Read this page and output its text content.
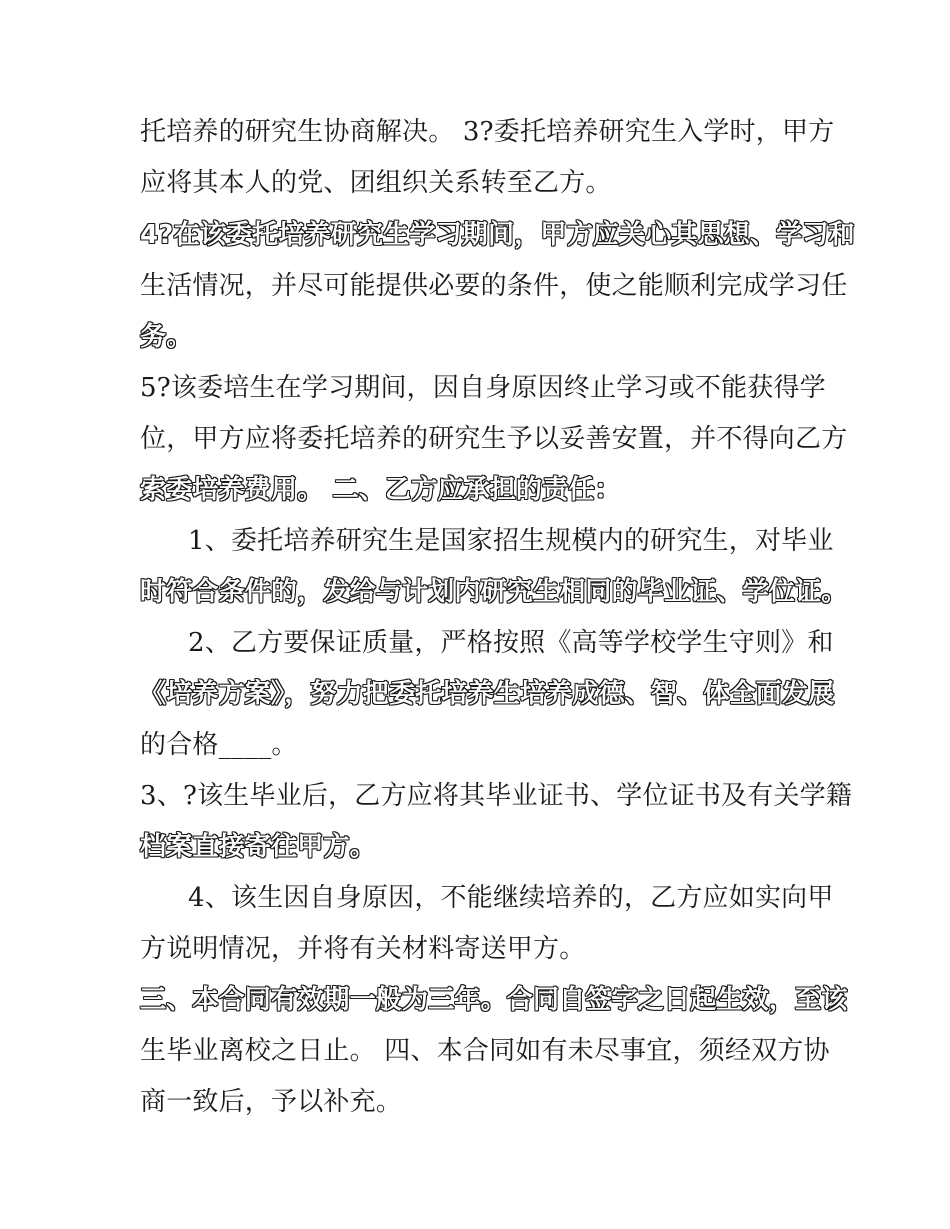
托培养的研究生协商解决。 3?委托培养研究生入学时，甲方
应将其本人的党、团组织关系转至乙方。
4?在该委托培养研究生学习期间，甲方应关心其思想、学习和
生活情况，并尽可能提供必要的条件，使之能顺利完成学习任
务。
5?该委培生在学习期间，因自身原因终止学习或不能获得学
位，甲方应将委托培养的研究生予以妥善安置，并不得向乙方
索委培养费用。 二、乙方应承担的责任：
1、委托培养研究生是国家招生规模内的研究生，对毕业
时符合条件的，发给与计划内研究生相同的毕业证、学位证。
2、乙方要保证质量，严格按照《高等学校学生守则》和
《培养方案》，努力把委托培养生培养成德、智、体全面发展
的合格____。
3、?该生毕业后，乙方应将其毕业证书、学位证书及有关学籍
档案直接寄往甲方。
4、该生因自身原因，不能继续培养的，乙方应如实向甲
方说明情况，并将有关材料寄送甲方。
三、本合同有效期一般为三年。合同自签字之日起生效，至该
生毕业离校之日止。 四、本合同如有未尽事宜，须经双方协
商一致后，予以补充。
